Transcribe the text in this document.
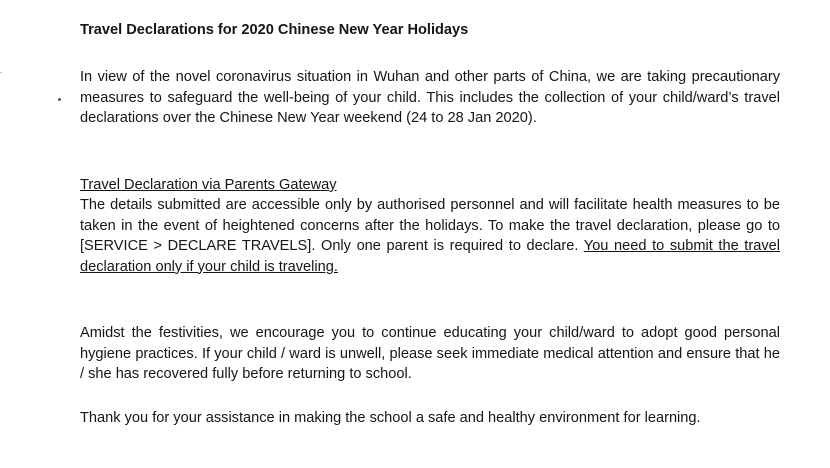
Travel Declarations for 2020 Chinese New Year Holidays

In view of the novel coronavirus situation in Wuhan and other parts of China, we are taking precautionary measures to safeguard the well-being of your child. This includes the collection of your child/ward’s travel declarations over the Chinese New Year weekend (24 to 28 Jan 2020).

Travel Declaration via Parents Gateway

The details submitted are accessible only by authorised personnel and will facilitate health measures to be taken in the event of heightened concerns after the holidays. To make the travel declaration, please go to [SERVICE > DECLARE TRAVELS]. Only one parent is required to declare. You need to submit the travel declaration only if your child is traveling.

Amidst the festivities, we encourage you to continue educating your child/ward to adopt good personal hygiene practices. If your child / ward is unwell, please seek immediate medical attention and ensure that he / she has recovered fully before returning to school.

Thank you for your assistance in making the school a safe and healthy environment for learning.
